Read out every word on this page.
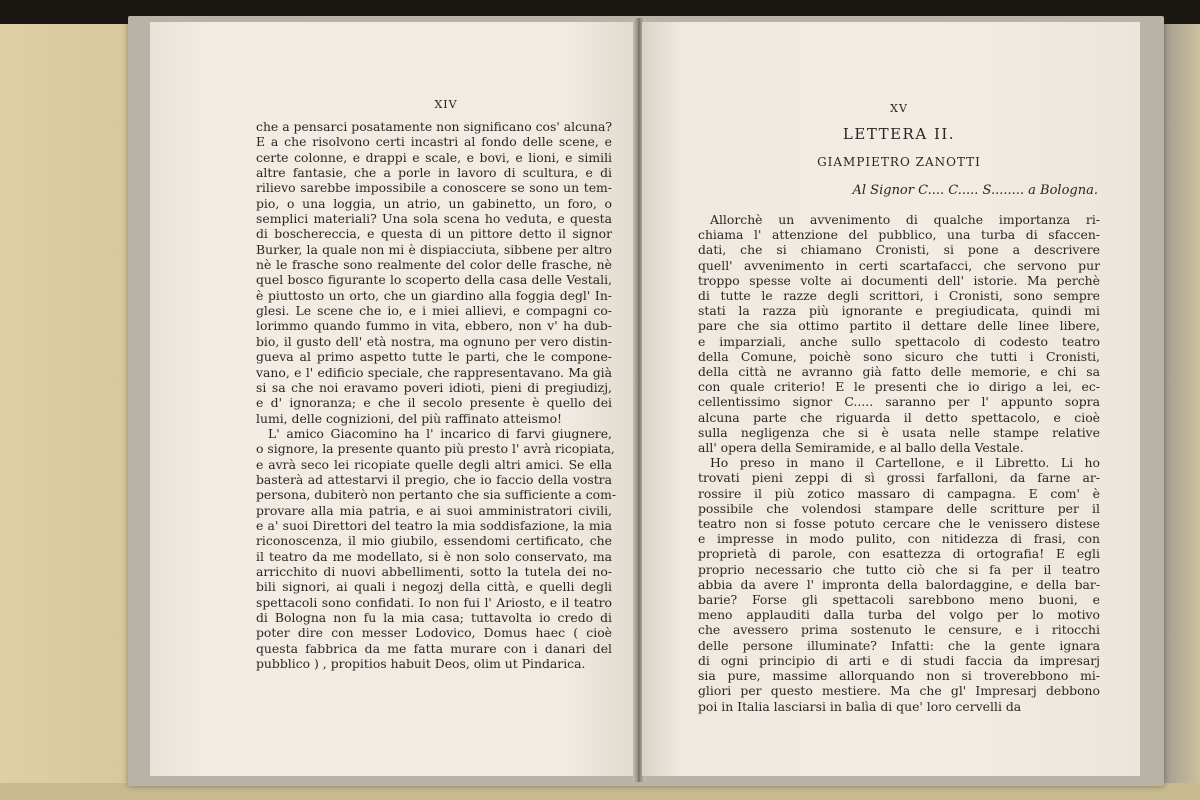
XIV
che a pensarci posatamente non significano cos' alcuna?
E a che risolvono certi incastri al fondo delle scene, e
certe colonne, e drappi e scale, e bovi, e lioni, e simili
altre fantasie, che a porle in lavoro di scultura, e di
rilievo sarebbe impossibile a conoscere se sono un tem-
pio, o una loggia, un atrio, un gabinetto, un foro, o
semplici materiali? Una sola scena ho veduta, e questa
di boschereccia, e questa di un pittore detto il signor
Burker, la quale non mi è dispiacciuta, sibbene per altro
nè le frasche sono realmente del color delle frasche, nè
quel bosco figurante lo scoperto della casa delle Vestali,
è piuttosto un orto, che un giardino alla foggia degl' In-
glesi. Le scene che io, e i miei allievi, e compagni co-
lorimmo quando fummo in vita, ebbero, non v' ha dub-
bio, il gusto dell' età nostra, ma ognuno per vero distin-
gueva al primo aspetto tutte le parti, che le compone-
vano, e l' edificio speciale, che rappresentavano. Ma già
si sa che noi eravamo poveri idioti, pieni di pregiudizj,
e d' ignoranza; e che il secolo presente è quello dei
lumi, delle cognizioni, del più raffinato atteismo!
L' amico Giacomino ha l' incarico di farvi giugnere,
o signore, la presente quanto più presto l' avrà ricopiata,
e avrà seco lei ricopiate quelle degli altri amici. Se ella
basterà ad attestarvi il pregio, che io faccio della vostra
persona, dubiterò non pertanto che sia sufficiente a com-
provare alla mia patria, e ai suoi amministratori civili,
e a' suoi Direttori del teatro la mia soddisfazione, la mia
riconoscenza, il mio giubilo, essendomi certificato, che
il teatro da me modellato, si è non solo conservato, ma
arricchito di nuovi abbellimenti, sotto la tutela dei no-
bili signori, ai quali i negozj della città, e quelli degli
spettacoli sono confidati. Io non fui l' Ariosto, e il teatro
di Bologna non fu la mia casa; tuttavolta io credo di
poter dire con messer Lodovico, Domus haec ( cioè
questa fabbrica da me fatta murare con i danari del
pubblico ) , propitios habuit Deos, olim ut Pindarica.
XV
LETTERA II.
GIAMPIETRO ZANOTTI
Al Signor C.... C..... S........ a Bologna.
Allorchè un avvenimento di qualche importanza ri-
chiama l' attenzione del pubblico, una turba di sfaccen-
dati, che si chiamano Cronisti, si pone a descrivere
quell' avvenimento in certi scartafacci, che servono pur
troppo spesse volte ai documenti dell' istorie. Ma perchè
di tutte le razze degli scrittori, i Cronisti, sono sempre
stati la razza più ignorante e pregiudicata, quindi mi
pare che sia ottimo partito il dettare delle linee libere,
e imparziali, anche sullo spettacolo di codesto teatro
della Comune, poichè sono sicuro che tutti i Cronisti,
della città ne avranno già fatto delle memorie, e chi sa
con quale criterio! E le presenti che io dirigo a lei, ec-
cellentissimo signor C..... saranno per l' appunto sopra
alcuna parte che riguarda il detto spettacolo, e cioè
sulla negligenza che si è usata nelle stampe relative
all' opera della Semiramide, e al ballo della Vestale.
Ho preso in mano il Cartellone, e il Libretto. Li ho
trovati pieni zeppi di sì grossi farfalloni, da farne ar-
rossire il più zotico massaro di campagna. E com' è
possibile che volendosi stampare delle scritture per il
teatro non si fosse potuto cercare che le venissero distese
e impresse in modo pulito, con nitidezza di frasi, con
proprietà di parole, con esattezza di ortografia! E egli
proprio necessario che tutto ciò che si fa per il teatro
abbia da avere l' impronta della balordaggine, e della bar-
barie? Forse gli spettacoli sarebbono meno buoni, e
meno applauditi dalla turba del volgo per lo motivo
che avessero prima sostenuto le censure, e i ritocchi
delle persone illuminate? Infatti: che la gente ignara
di ogni principio di arti e di studi faccia da impresarj
sia pure, massime allorquando non si troverebbono mi-
gliori per questo mestiere. Ma che gl' Impresarj debbono
poi in Italia lasciarsi in balìa di que' loro cervelli da
